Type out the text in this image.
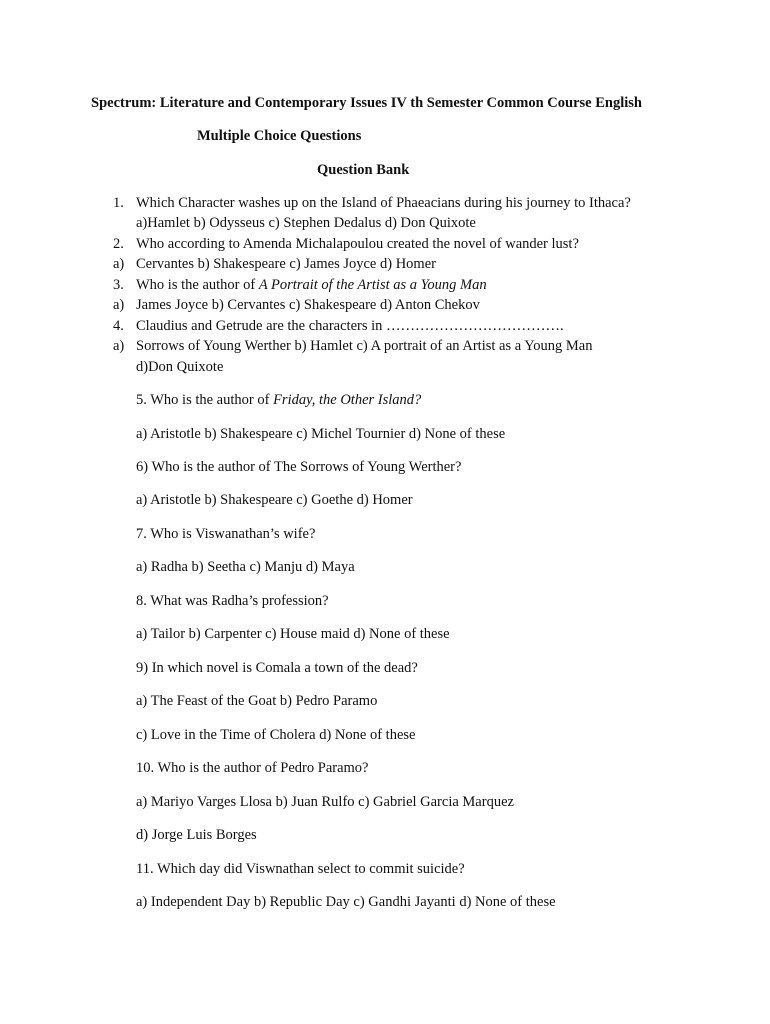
Spectrum: Literature and Contemporary Issues IV th Semester Common Course English
Multiple Choice Questions
Question Bank
1. Which Character washes up on the Island of Phaeacians during his journey to Ithaca?
a)Hamlet b) Odysseus c) Stephen Dedalus d) Don Quixote
2. Who according to Amenda Michalapoulou created the novel of wander lust?
a) Cervantes b) Shakespeare c) James Joyce d) Homer
3. Who is the author of A Portrait of the Artist as a Young Man
a) James Joyce b) Cervantes c) Shakespeare d) Anton Chekov
4. Claudius and Getrude are the characters in ……………………………….
a) Sorrows of Young Werther b) Hamlet c) A portrait of an Artist as a Young Man
d)Don Quixote
5. Who is the author of Friday, the Other Island?
a) Aristotle b) Shakespeare c) Michel Tournier d) None of these
6) Who is the author of The Sorrows of Young Werther?
a) Aristotle b) Shakespeare c) Goethe d) Homer
7. Who is Viswanathan’s wife?
a) Radha b) Seetha c) Manju d) Maya
8. What was Radha’s profession?
a) Tailor b) Carpenter c) House maid d) None of these
9) In which novel is Comala a town of the dead?
a) The Feast of the Goat b) Pedro Paramo
c) Love in the Time of Cholera d) None of these
10. Who is the author of Pedro Paramo?
a) Mariyo Varges Llosa b) Juan Rulfo c) Gabriel Garcia Marquez
d) Jorge Luis Borges
11. Which day did Viswnathan select to commit suicide?
a) Independent Day b) Republic Day c) Gandhi Jayanti d) None of these
